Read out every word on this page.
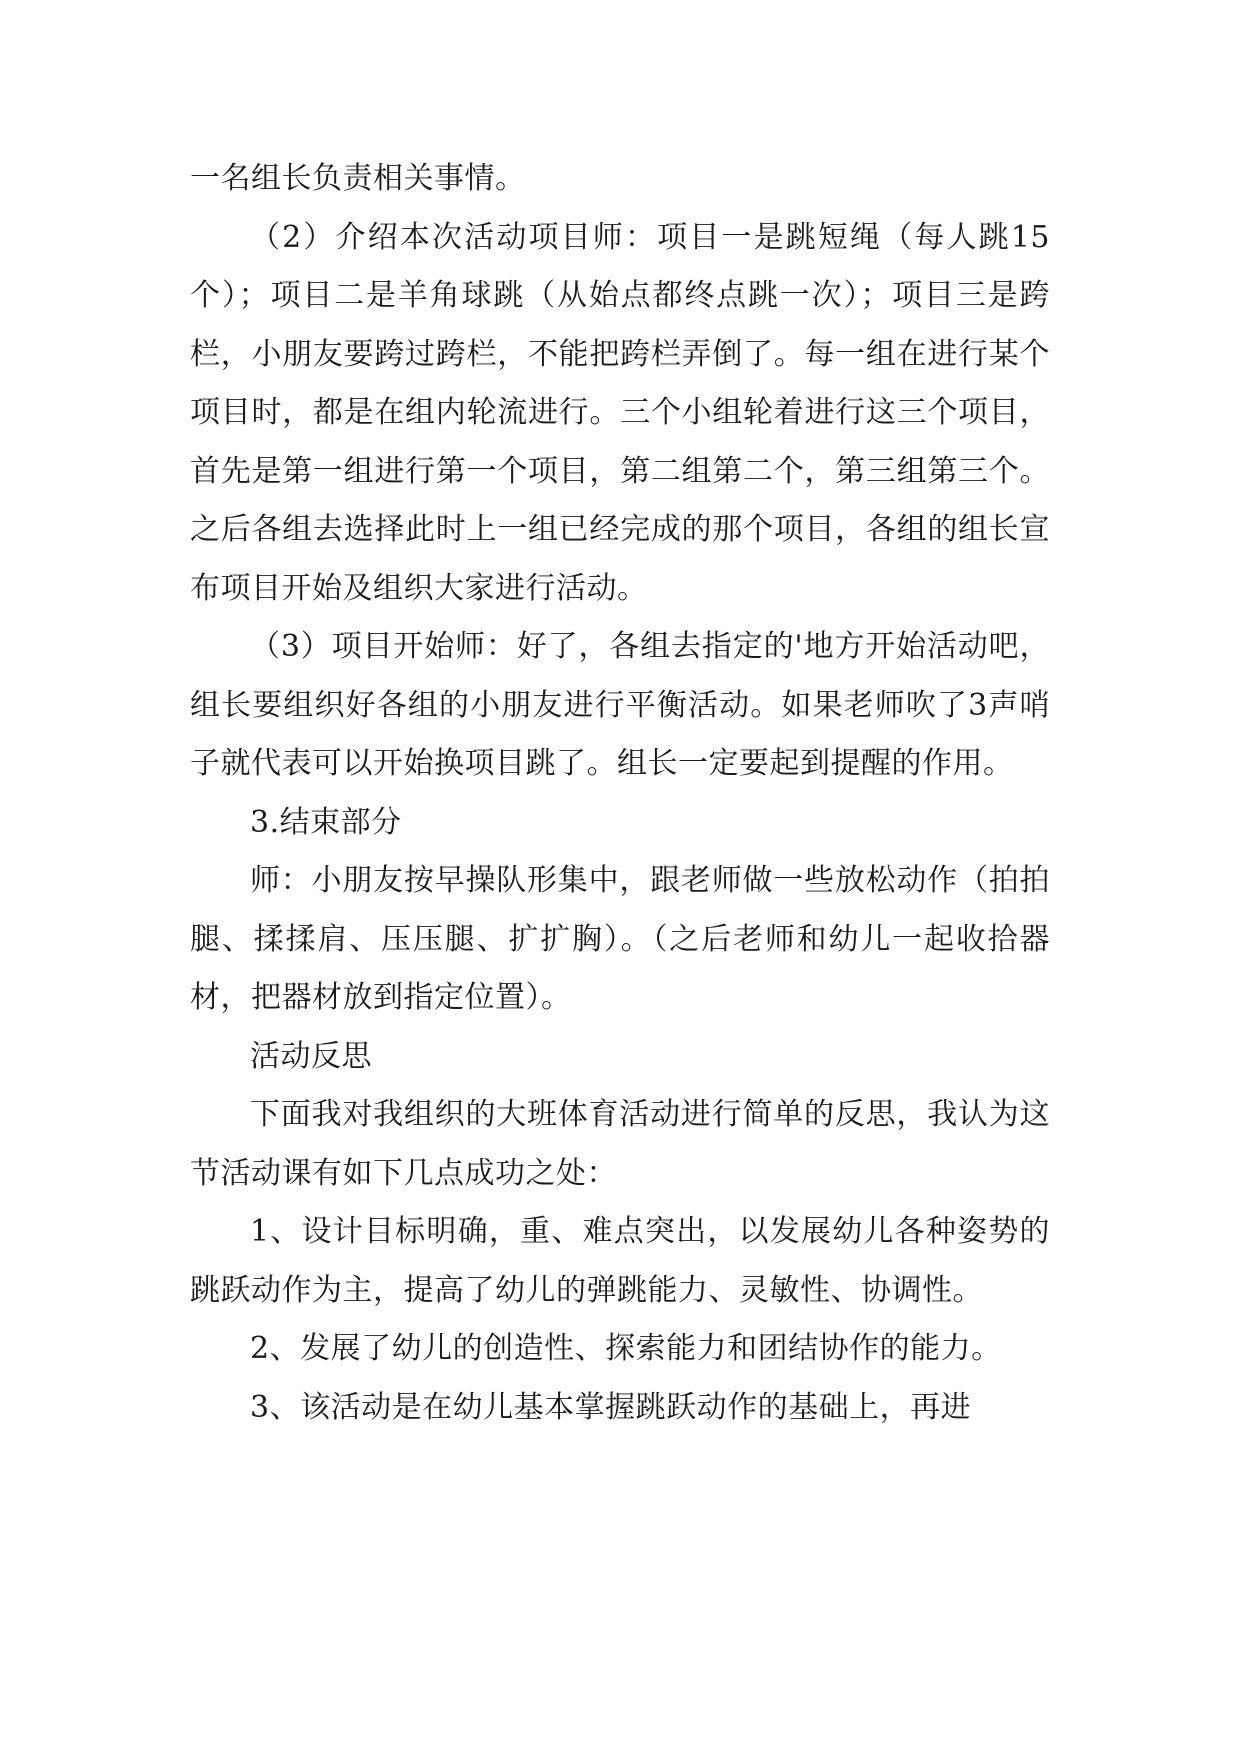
一名组长负责相关事情。

（2）介绍本次活动项目师：项目一是跳短绳（每人跳15个）；项目二是羊角球跳（从始点都终点跳一次）；项目三是跨栏，小朋友要跨过跨栏，不能把跨栏弄倒了。每一组在进行某个项目时，都是在组内轮流进行。三个小组轮着进行这三个项目，首先是第一组进行第一个项目，第二组第二个，第三组第三个。之后各组去选择此时上一组已经完成的那个项目，各组的组长宣布项目开始及组织大家进行活动。

（3）项目开始师：好了，各组去指定的'地方开始活动吧，组长要组织好各组的小朋友进行平衡活动。如果老师吹了3声哨子就代表可以开始换项目跳了。组长一定要起到提醒的作用。

3.结束部分

师：小朋友按早操队形集中，跟老师做一些放松动作（拍拍腿、揉揉肩、压压腿、扩扩胸）。（之后老师和幼儿一起收拾器材，把器材放到指定位置）。

活动反思

下面我对我组织的大班体育活动进行简单的反思，我认为这节活动课有如下几点成功之处：

1、设计目标明确，重、难点突出，以发展幼儿各种姿势的跳跃动作为主，提高了幼儿的弹跳能力、灵敏性、协调性。

2、发展了幼儿的创造性、探索能力和团结协作的能力。

3、该活动是在幼儿基本掌握跳跃动作的基础上，再进
